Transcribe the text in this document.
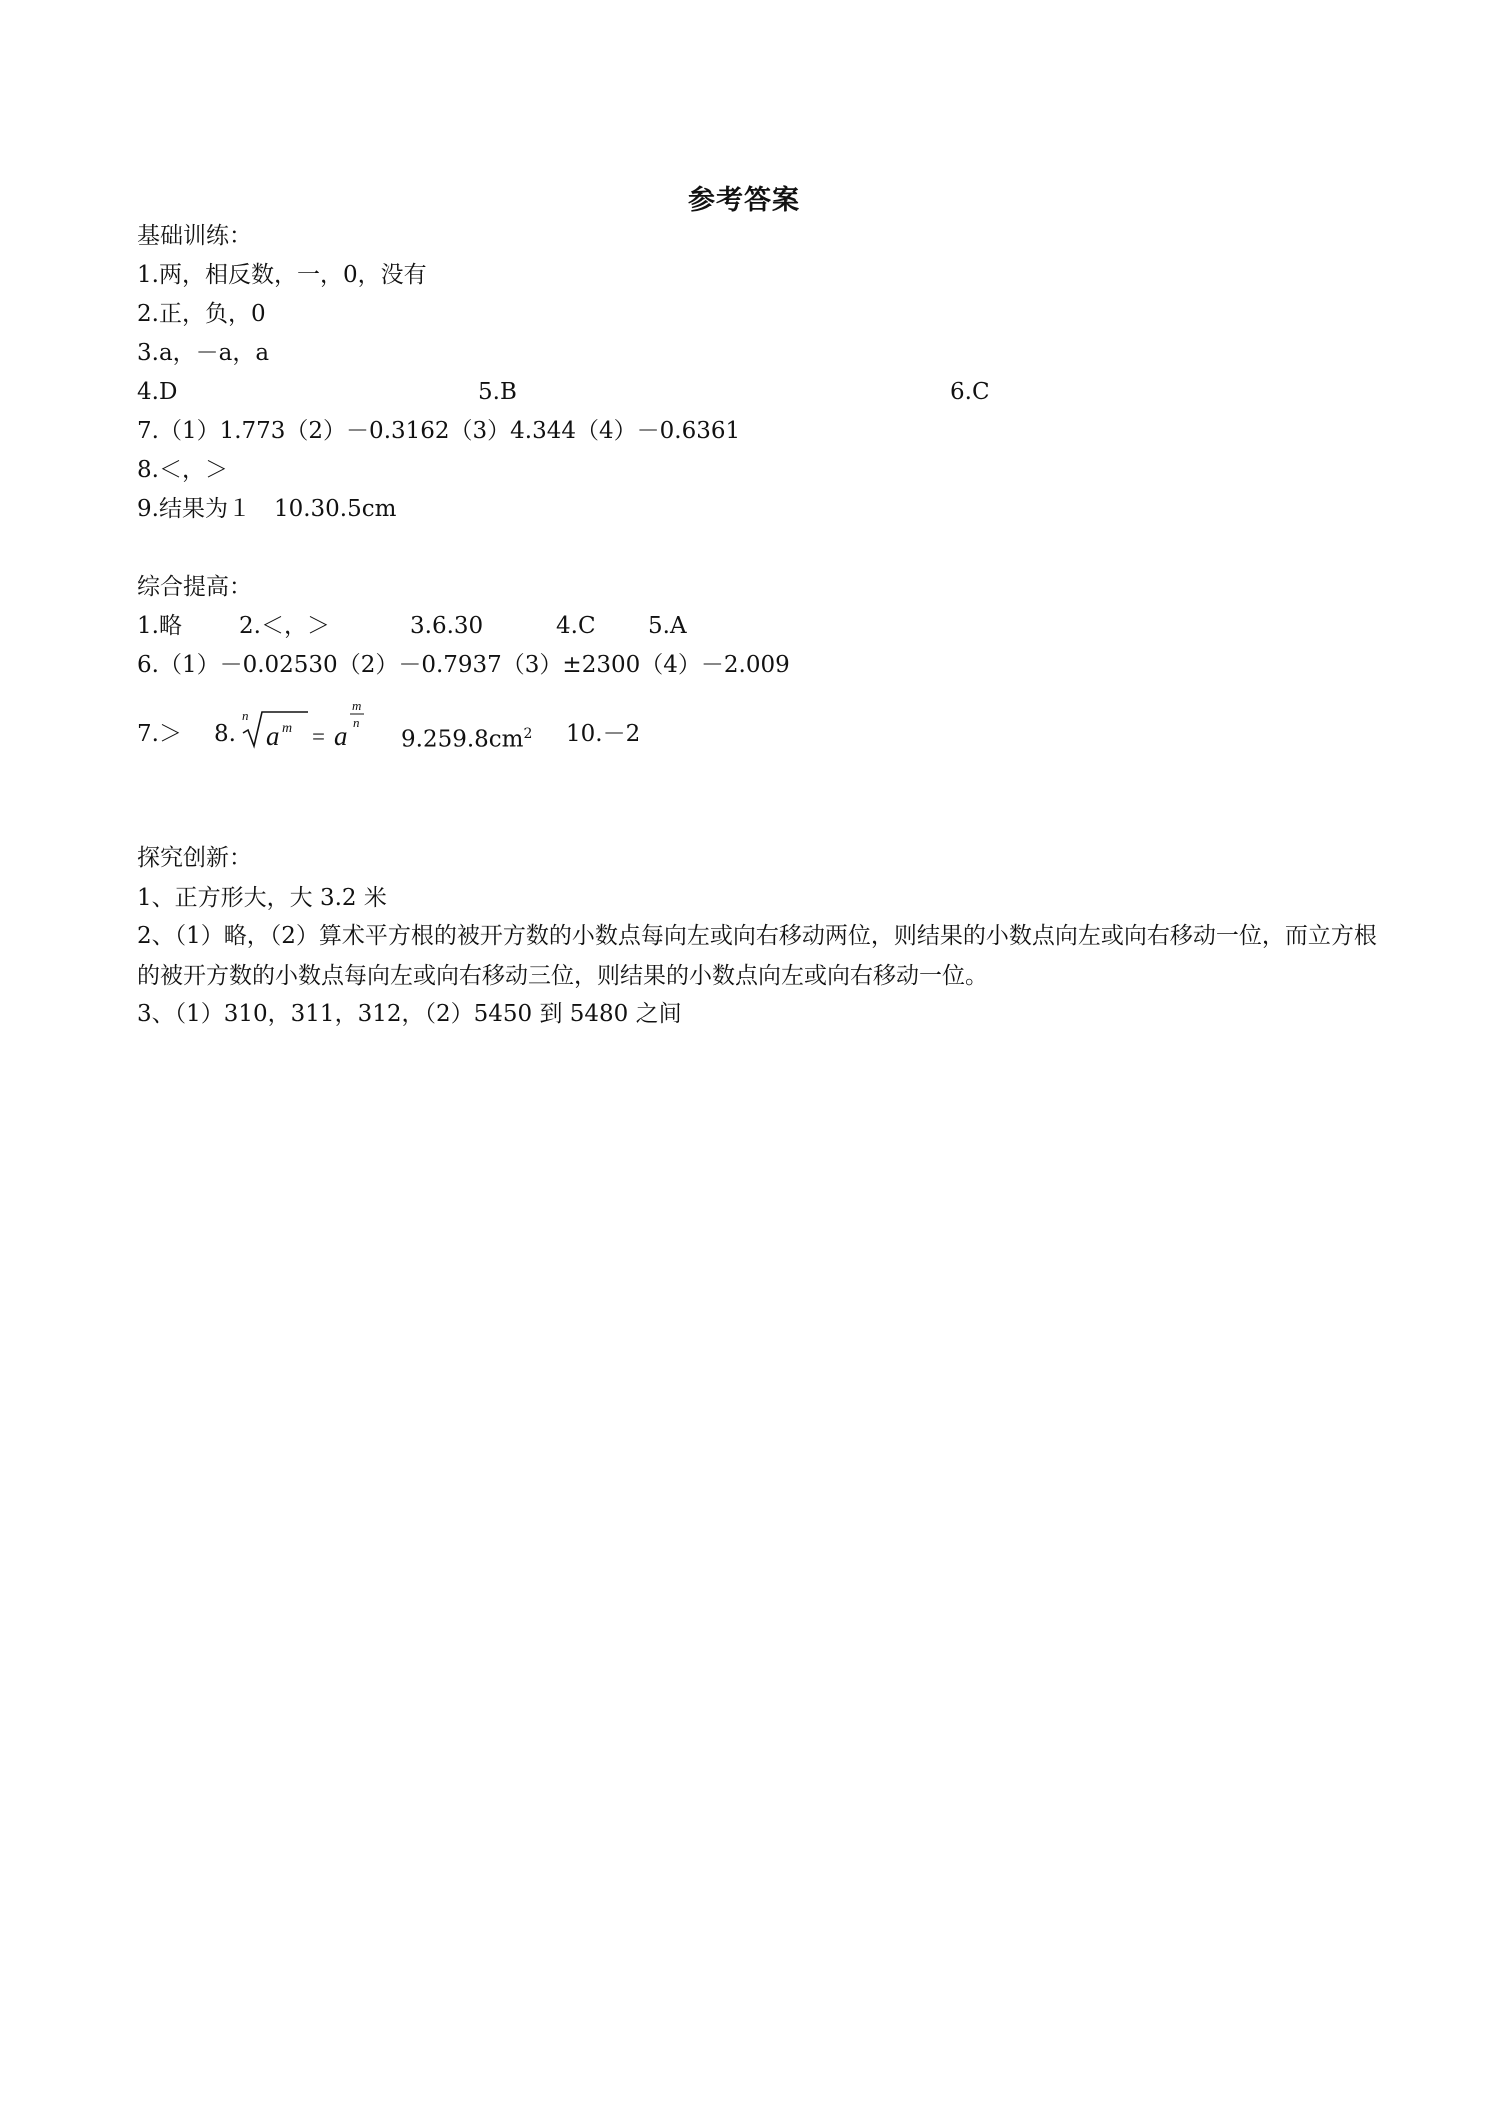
参考答案
基础训练：
1.两，相反数，一，0，没有
2.正，负，0
3.a，－a，a
4.D	5.B	6.C
7.（1）1.773（2）－0.3162（3）4.344（4）－0.6361
8.＜，＞
9.结果为１　10.30.5cm
综合提高：
1.略 2.＜，＞	3.6.30	4.C 5.A
6.（1）－0.02530（2）－0.7937（3）±2300（4）－2.009
7.＞ 8.
n
a m = a
m
n
$9.259.8cm^2$ 10.－2
探究创新：
1、正方形大，大 3.2 米
2、（1）略，（2）算术平方根的被开方数的小数点每向左或向右移动两位，则结果的小数点向左或向右移动一位，而立方根的被开方数的小数点每向左或向右移动三位，则结果的小数点向左或向右移动一位。
3、（1）310，311，312，（2）5450 到 5480 之间
